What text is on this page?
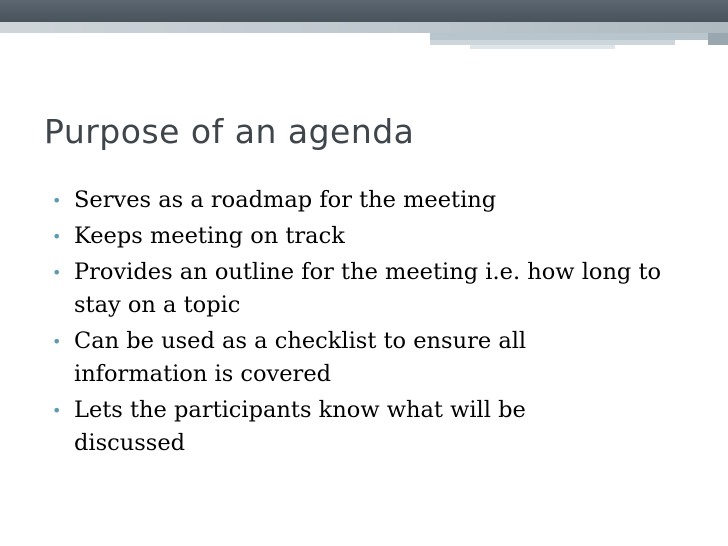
Purpose of an agenda
• Serves as a roadmap for the meeting
• Keeps meeting on track
• Provides an outline for the meeting i.e. how long to stay on a topic
• Can be used as a checklist to ensure all information is covered
• Lets the participants know what will be discussed
